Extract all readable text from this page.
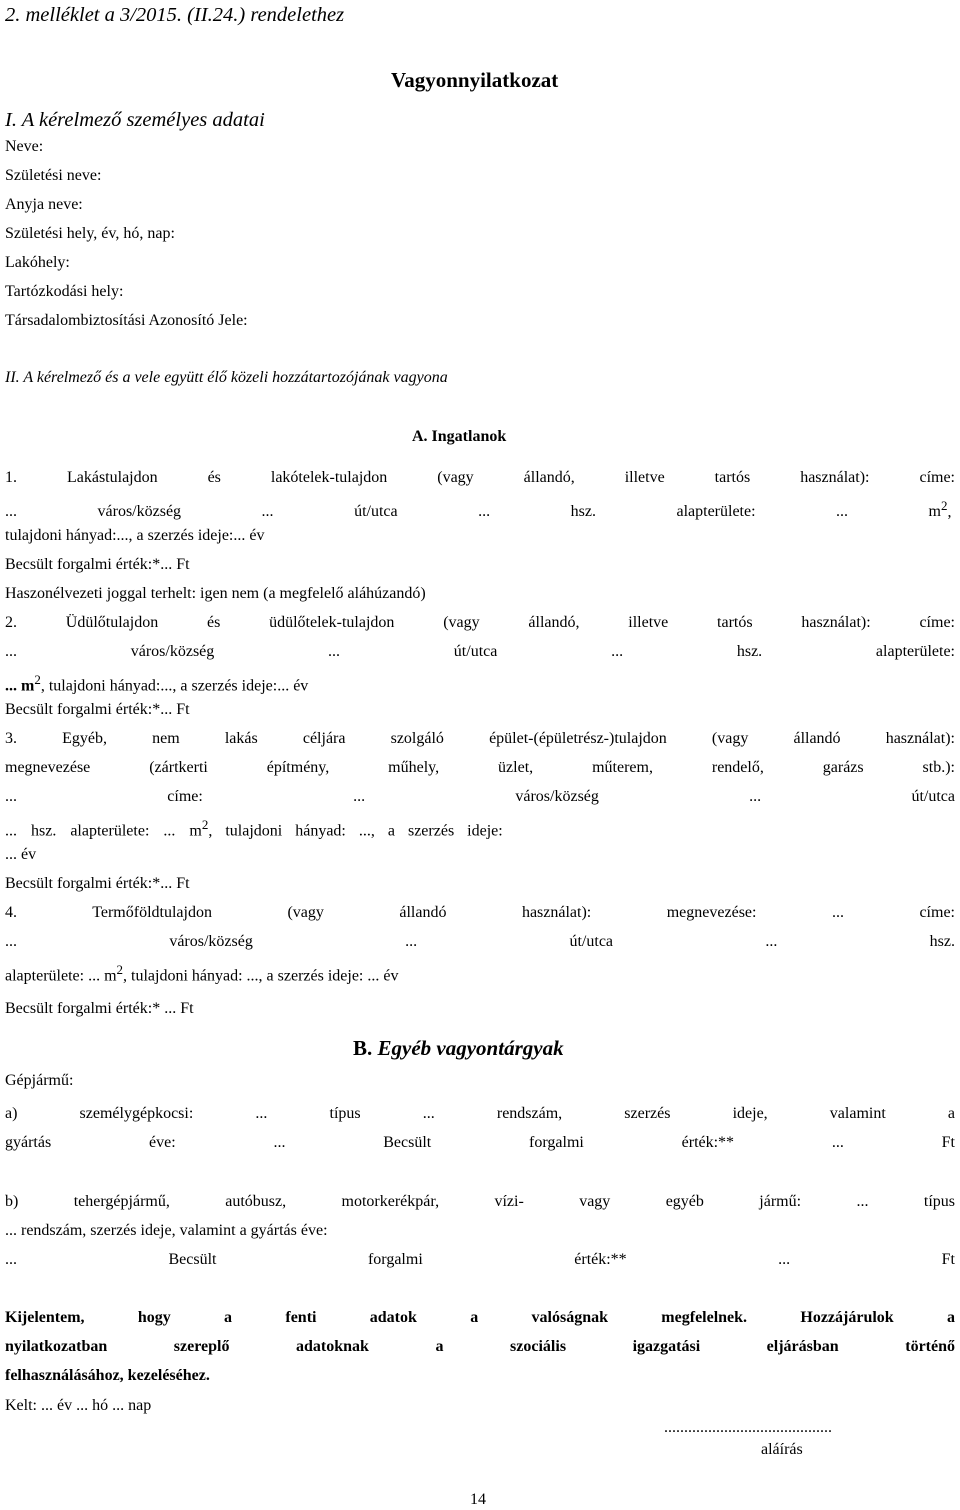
2. melléklet a 3/2015. (II.24.) rendelethez
Vagyonnyilatkozat
I. A kérelmező személyes adatai
Neve:
Születési neve:
Anyja neve:
Születési hely, év, hó, nap:
Lakóhely:
Tartózkodási hely:
Társadalombiztosítási Azonosító Jele:
II. A kérelmező és a vele együtt élő közeli hozzátartozójának vagyona
A. Ingatlanok
1. Lakástulajdon és lakótelek-tulajdon (vagy állandó, illetve tartós használat): címe:
... város/község ... út/utca ... hsz. alapterülete: ... $m^2$,
tulajdoni hányad:..., a szerzés ideje:... év
Becsült forgalmi érték:*... Ft
Haszonélvezeti joggal terhelt: igen nem (a megfelelő aláhúzandó)
2. Üdülőtulajdon és üdülőtelek-tulajdon (vagy állandó, illetve tartós használat): címe:
... város/község ... út/utca ... hsz. alapterülete:
... $m^2$, tulajdoni hányad:..., a szerzés ideje:... év
Becsült forgalmi érték:*... Ft
3. Egyéb, nem lakás céljára szolgáló épület-(épületrész-)tulajdon (vagy állandó használat):
megnevezése (zártkerti építmény, műhely, üzlet, műterem, rendelő, garázs stb.):
... címe: ... város/község ... út/utca
... hsz. alapterülete: ... $m^2$, tulajdoni hányad: ..., a szerzés ideje:
... év
Becsült forgalmi érték:*... Ft
4. Termőföldtulajdon (vagy állandó használat): megnevezése: ... címe:
... város/község ... út/utca ... hsz.
alapterülete: ... $m^2$, tulajdoni hányad: ..., a szerzés ideje: ... év
Becsült forgalmi érték:* ... Ft
B. Egyéb vagyontárgyak
Gépjármű:
a) személygépkocsi: ... típus ... rendszám, szerzés ideje, valamint a
gyártás éve: ... Becsült forgalmi érték:** ... Ft
b) tehergépjármű, autóbusz, motorkerékpár, vízi- vagy egyéb jármű: ... típus
... rendszám, szerzés ideje, valamint a gyártás éve:
... Becsült forgalmi érték:** ... Ft
Kijelentem, hogy a fenti adatok a valóságnak megfelelnek. Hozzájárulok a
nyilatkozatban szereplő adatoknak a szociális igazgatási eljárásban történő
felhasználásához, kezeléséhez.
Kelt: ... év ... hó ... nap
..........................................
aláírás
14
